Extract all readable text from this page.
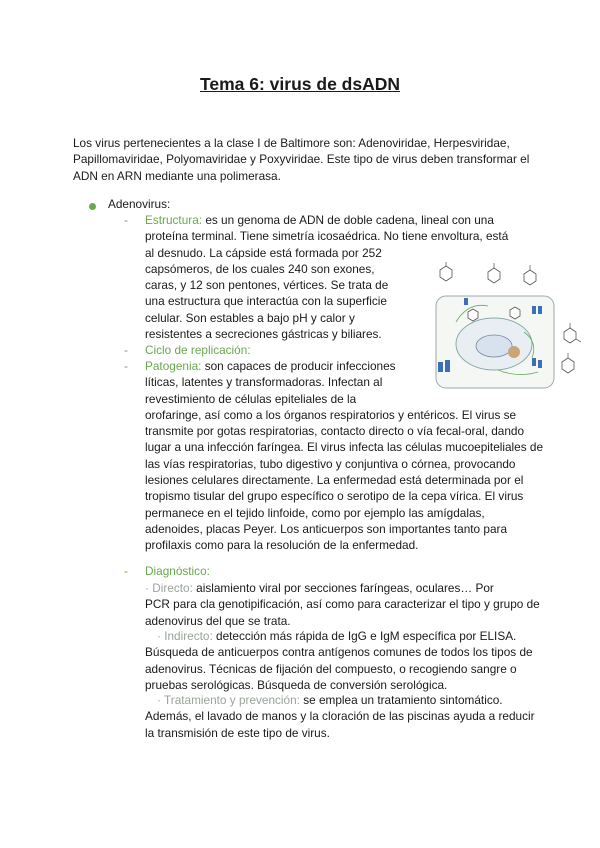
Tema 6: virus de dsADN

Los virus pertenecientes a la clase I de Baltimore son: Adenoviridae, Herpesviridae, Papillomaviridae, Polyomaviridae y Poxyviridae. Este tipo de virus deben transformar el ADN en ARN mediante una polimerasa.

Adenovirus:

- Estructura: es un genoma de ADN de doble cadena, lineal con una
proteína terminal. Tiene simetría icosaédrica. No tiene envoltura, está
al desnudo. La cápside está formada por 252
capsómeros, de los cuales 240 son exones,
caras, y 12 son pentones, vértices. Se trata de
una estructura que interactúa con la superficie
celular. Son estables a bajo pH y calor y
resistentes a secreciones gástricas y biliares.
- Ciclo de replicación:

- Patogenia: son capaces de producir infecciones
líticas, latentes y transformadoras. Infectan al
revestimiento de células epiteliales de la
orofaringe, así como a los órganos respiratorios y entéricos. El virus se transmite por gotas respiratorias, contacto directo o vía fecal-oral, dando lugar a una infección faríngea. El virus infecta las células mucoepiteliales de las vías respiratorias, tubo digestivo y conjuntiva o córnea, provocando lesiones celulares directamente. La enfermedad está determinada por el tropismo tisular del grupo específico o serotipo de la cepa vírica. El virus permanece en el tejido linfoide, como por ejemplo las amígdalas, adenoides, placas Peyer. Los anticuerpos son importantes tanto para profilaxis como para la resolución de la enfermedad.
- Diagnóstico:

· Directo: aislamiento viral por secciones faríngeas, oculares… Por
PCR para cla genotipificación, así como para caracterizar el tipo y grupo de adenovirus del que se trata.
· Indirecto: detección más rápida de IgG e IgM específica por ELISA.
Búsqueda de anticuerpos contra antígenos comunes de todos los tipos de adenovirus. Técnicas de fijación del compuesto, o recogiendo sangre o pruebas serológicas. Búsqueda de conversión serológica.
· Tratamiento y prevención: se emplea un tratamiento sintomático.
Además, el lavado de manos y la cloración de las piscinas ayuda a reducir la transmisión de este tipo de virus.
